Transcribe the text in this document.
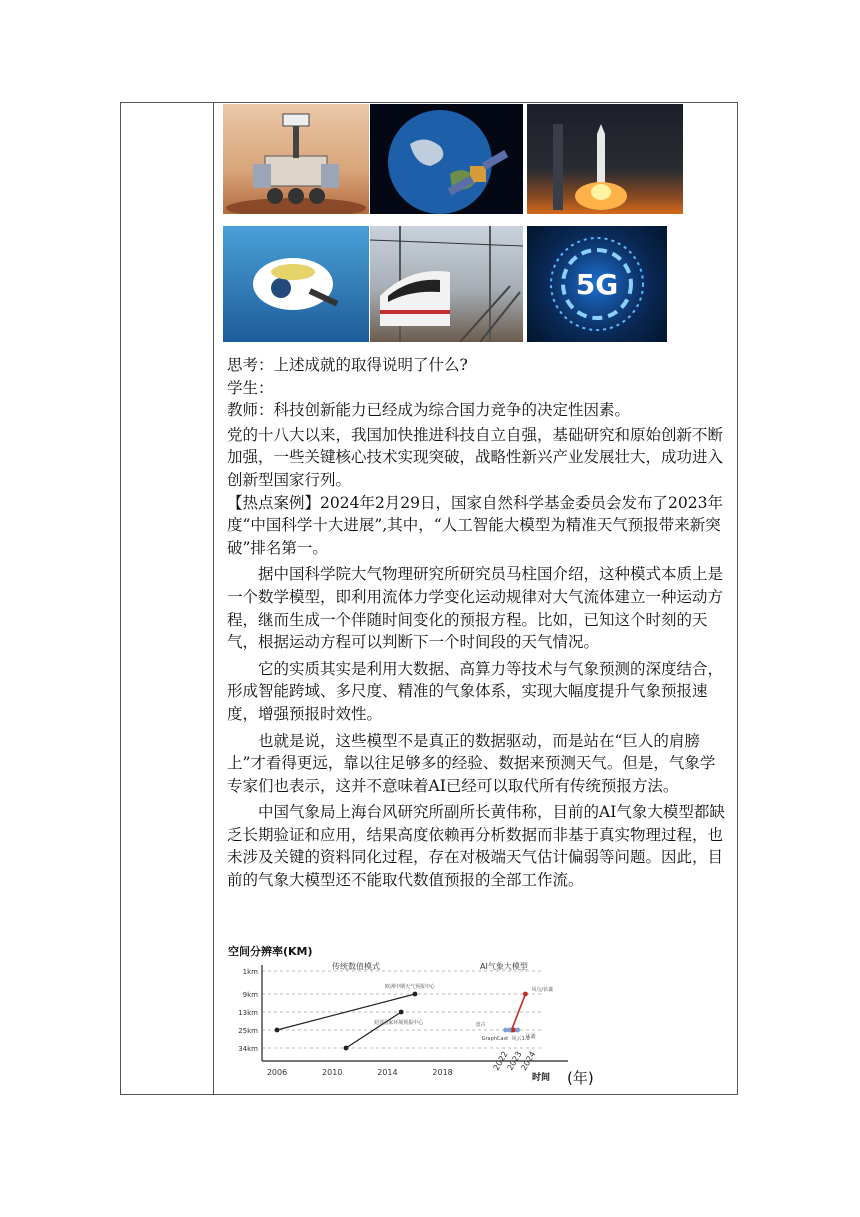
5G

思考：上述成就的取得说明了什么?

学生：

教师：科技创新能力已经成为综合国力竞争的决定性因素。

党的十八大以来，我国加快推进科技自立自强，基础研究和原始创新不断加强，一些关键核心技术实现突破，战略性新兴产业发展壮大，成功进入创新型国家行列。

【热点案例】2024年2月29日，国家自然科学基金委员会发布了2023年度“中国科学十大进展”,其中，“人工智能大模型为精准天气预报带来新突破”排名第一。

据中国科学院大气物理研究所研究员马柱国介绍，这种模式本质上是一个数学模型，即利用流体力学变化运动规律对大气流体建立一种运动方程，继而生成一个伴随时间变化的预报方程。比如，已知这个时刻的天气，根据运动方程可以判断下一个时间段的天气情况。

它的实质其实是利用大数据、高算力等技术与气象预测的深度结合，形成智能跨域、多尺度、精准的气象体系，实现大幅度提升气象预报速度，增强预报时效性。

也就是说，这些模型不是真正的数据驱动，而是站在“巨人的肩膀上”才看得更远，靠以往足够多的经验、数据来预测天气。但是，气象学专家们也表示，这并不意味着AI已经可以取代所有传统预报方法。

中国气象局上海台风研究所副所长黄伟称，目前的AI气象大模型都缺乏长期验证和应用，结果高度依赖再分析数据而非基于真实物理过程，也未涉及关键的资料同化过程，存在对极端天气估计偏弱等问题。因此，目前的气象大模型还不能取代数值预报的全部工作流。

空间分辨率(KM)
传统数值模式	AI气象大模型
1km
9km
13km
25km
34km
2006	2010	2014	2018
2022
2023
2024
欧洲中期天气预报中心
美国国家环境预报中心
风乌/伏羲
盘古
GraphCast 风云1.0
伏羲
时间 (年)
